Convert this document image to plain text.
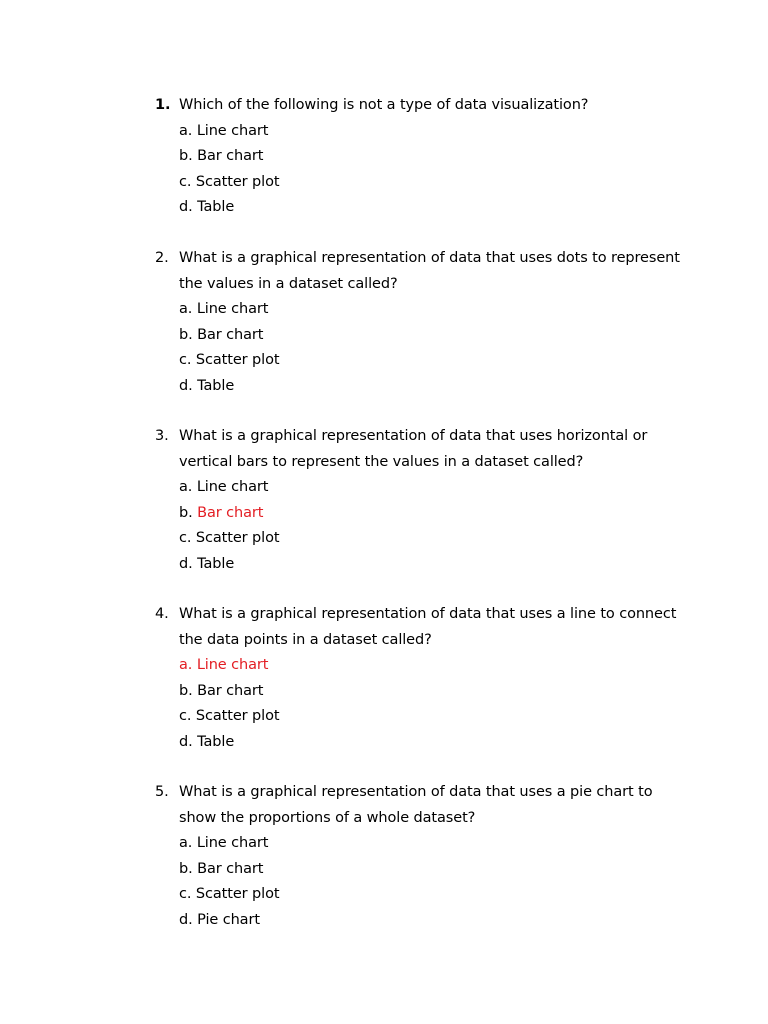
1. Which of the following is not a type of data visualization?
a. Line chart
b. Bar chart
c. Scatter plot
d. Table
2. What is a graphical representation of data that uses dots to represent
the values in a dataset called?
a. Line chart
b. Bar chart
c. Scatter plot
d. Table
3. What is a graphical representation of data that uses horizontal or
vertical bars to represent the values in a dataset called?
a. Line chart
b. Bar chart
c. Scatter plot
d. Table
4. What is a graphical representation of data that uses a line to connect
the data points in a dataset called?
a. Line chart
b. Bar chart
c. Scatter plot
d. Table
5. What is a graphical representation of data that uses a pie chart to
show the proportions of a whole dataset?
a. Line chart
b. Bar chart
c. Scatter plot
d. Pie chart
